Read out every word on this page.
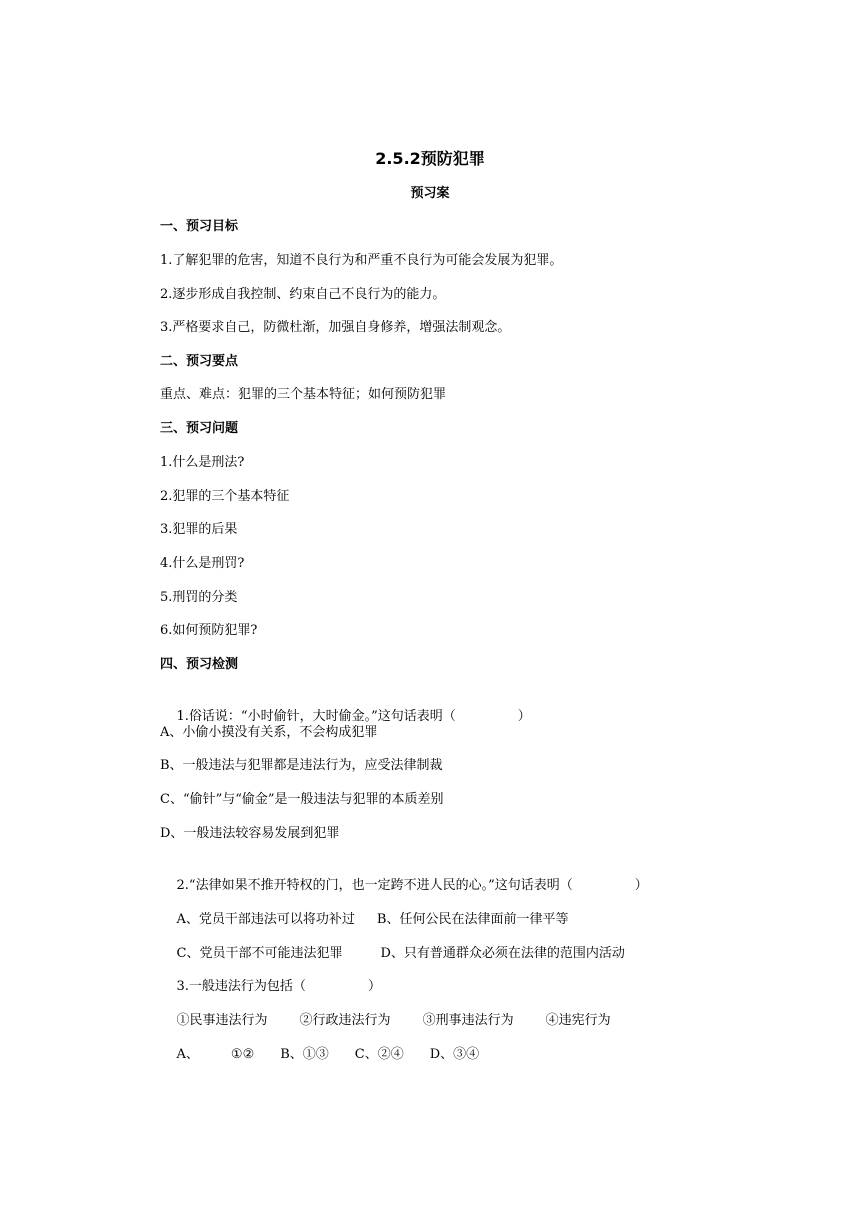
2.5.2预防犯罪
预习案
一、预习目标
1.了解犯罪的危害，知道不良行为和严重不良行为可能会发展为犯罪。
2.逐步形成自我控制、约束自己不良行为的能力。
3.严格要求自己，防微杜渐，加强自身修养，增强法制观念。
二、预习要点
重点、难点：犯罪的三个基本特征；如何预防犯罪
三、预习问题
1.什么是刑法?
2.犯罪的三个基本特征
3.犯罪的后果
4.什么是刑罚?
5.刑罚的分类
6.如何预防犯罪?
四、预习检测

1.俗话说：“小时偷针，大时偷金。”这句话表明（	）

A、小偷小摸没有关系，不会构成犯罪
B、一般违法与犯罪都是违法行为，应受法律制裁
C、“偷针”与“偷金”是一般违法与犯罪的本质差别
D、一般违法较容易发展到犯罪

2.“法律如果不推开特权的门，也一定跨不进人民的心。”这句话表明（	）

A、党员干部违法可以将功补过 B、任何公民在法律面前一律平等

C、党员干部不可能违法犯罪	D、只有普通群众必须在法律的范围内活动

3.一般违法行为包括（	）

①民事违法行为 ②行政违法行为 ③刑事违法行为 ④违宪行为

A、 ①② B、①③ C、②④ D、③④
